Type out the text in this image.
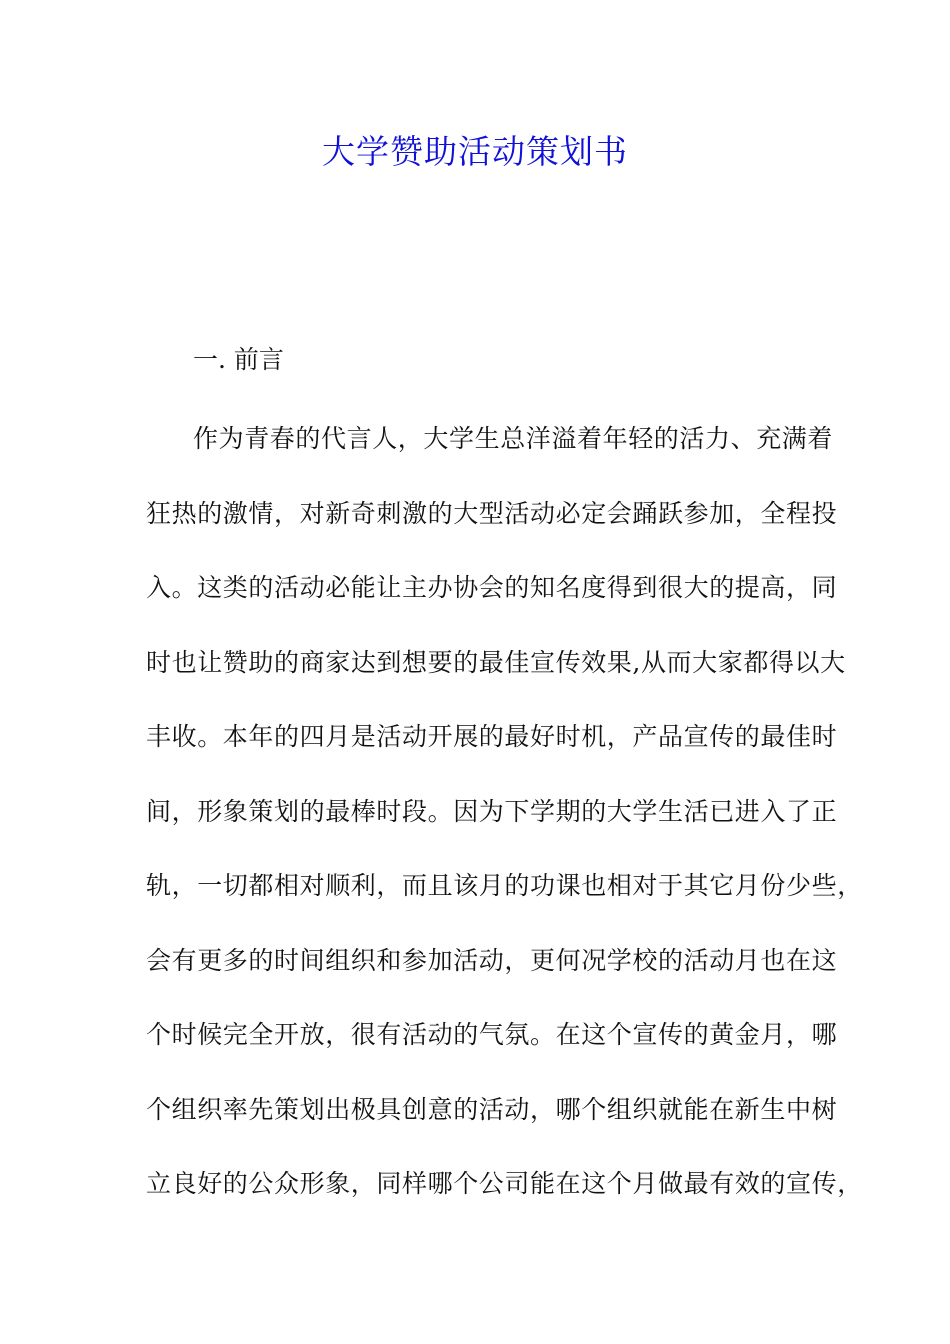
大学赞助活动策划书
一. 前言
作为青春的代言人，大学生总洋溢着年轻的活力、充满着
狂热的激情，对新奇刺激的大型活动必定会踊跃参加，全程投
入。这类的活动必能让主办协会的知名度得到很大的提高，同
时也让赞助的商家达到想要的最佳宣传效果,从而大家都得以大
丰收。本年的四月是活动开展的最好时机，产品宣传的最佳时
间，形象策划的最棒时段。因为下学期的大学生活已进入了正
轨，一切都相对顺利，而且该月的功课也相对于其它月份少些，
会有更多的时间组织和参加活动，更何况学校的活动月也在这
个时候完全开放，很有活动的气氛。在这个宣传的黄金月，哪
个组织率先策划出极具创意的活动，哪个组织就能在新生中树
立良好的公众形象，同样哪个公司能在这个月做最有效的宣传，
